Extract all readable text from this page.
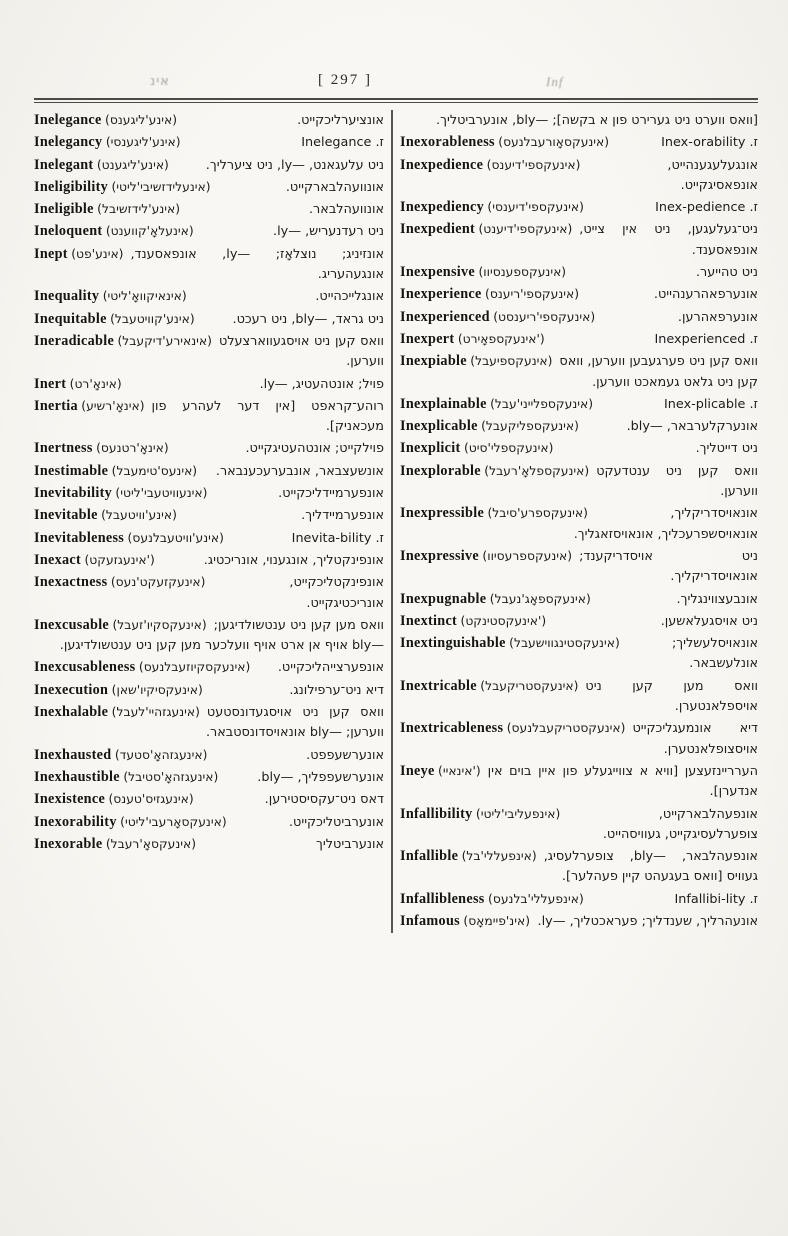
אינ	[ 297 ]	Inf
Inelegance (אינע'ליגענס)	אונציערליכקייט.
Inelegancy (אינע'ליגענסי)	ז. Inelegance
Inelegant (אינע'ליגענט)	ניט עלעגאנט, —ly, ניט ציערליך.
Ineligibility (אינעלידזשיבי'ליטי)	אונוועהלבארקייט.
Ineligible (אינע'לידזשיבל)	אונוועהלבאר.
Ineloquent (אינעלאָ'קווענט)	ניט רעדנעריש, —ly.
Inept (אינע'פט) אונזיניג; נוצלאָז; —ly, אונפאסענד, אונגעהעריג.
Inequality (אינאיקוואָ'ליטי)	אונגלייכהייט.
Inequitable (אינע'קוויטעבל)	ניט גראד, —bly, ניט רעכט.
Ineradicable (אינאירע'דיקעבל) וואס קען ניט אויסגעווארצעלט ווערען.
Inert (אינאָ'רט)	פויל; אונטהעטיג, —ly.
Inertia (אינאָ'רשיע) רוהע־קראפט [אין דער לעהרע פון מעכאניק].
Inertness (אינאָ'רטנעס)	פוילקייט; אונטהעטיגקייט.
Inestimable (אינעס'טימעבל) אונשעצבאר, אונבערעכענבאר.
Inevitability (אינעוויטעבי'ליטי)	אונפערמיידליכקייט.
Inevitable (אינע'וויטעבל)	אונפערמיידליך.
Inevitableness (אינע'וויטעבלנעס)	ז. Inevita-bility
Inexact (אינעגזעקט')	אונפינקטליך, אונגענוי, אונריכטיג.
Inexactness (אינעקזעקט'נעס)	אונפינקטליכקייט, אונריכטיגקייט.
Inexcusable (אינעקסקיו'זעבל) וואס מען קען ניט ענטשולדיגען; —bly אויף אן ארט אויף וועלכער מען קען ניט ענטשולדיגען.
Inexcusableness (אינעקסקיוזעבלנעס) אונפערצייהליכקייט.
Inexecution (אינעקסיקיו'שאן)	דיא ניט־ערפילונג.
Inexhalable (אינעגזהיי'לעבל) וואס קען ניט אויסגעדונסטעט ווערען; —bly אונאויסדונסטבאר.
Inexhausted (אינעגזהאָ'סטעד)	אונערשעפפט.
Inexhaustible (אינעגזהאָ'סטיבל)	אונערשעפפליך, —bly.
Inexistence (אינעגזיס'טענס)	דאס ניט־עקסיסטירען.
Inexorability (אינעקסאָרעבי'ליטי)	אונערביטליכקייט.
Inexorable (אינעקסאָ'רעבל)	אונערביטליך
[וואס ווערט ניט גערירט פון א בקשה]; —bly, אונערביטליך.
Inexorableness (אינעקסאָורעבלנעס)	ז. Inex-orability
Inexpedience (אינעקספי'דיענס)	אונגעלעגענהייט, אונפאסיגקייט.
Inexpediency (אינעקספי'דיענסי)	ז. Inex-pedience
Inexpedient (אינעקספי'דיענט) ניט־געלעגען, ניט אין צייט, אונפאסענד.
Inexpensive (אינעקספענסיוו)	ניט טהייער.
Inexperience (אינעקספי'ריענס)	אונערפאהרענהייט.
Inexperienced (אינעקספי'ריענסט)	אונערפאהרען.
Inexpert (אינעקספאָירט')	ז. Inexperienced
Inexpiable (אינעקספיעבל) וואס קען ניט פערגעבען ווערען, וואס קען ניט גלאט געמאכט ווערען.
Inexplainable (אינעקספלייני'עבל)	ז. Inex-plicable
Inexplicable (אינעקספליקעבל)	אונערקלערבאר, —bly.
Inexplicit (אינעקספלי'סיט)	ניט דייטליך.
Inexplorable (אינעקספלאָ'רעבל) וואס קען ניט ענטדעקט ווערען.
Inexpressible (אינעקספרע'סיבל)	אונאויסדריקליך, אונאויסשפרעכליך, אונאויסזאגליך.
Inexpressive (אינעקספרעסיוו) ניט אויסדריקענד; אונאויסדריקליך.
Inexpugnable (אינעקספאָג'נעבל)	אונבעצווינגליך.
Inextinct (אינעקסטינקט')	ניט אויסגעלאשען.
Inextinguishable (אינעקסטינגווישעבל)	אונאויסלעשליך; אונלעשבאר.
Inextricable (אינעקסטריקעבל) וואס מען קען ניט אויספלאנטערן.
Inextricableness (אינעקסטריקעבלנעס) דיא אונמעגליכקייט אויסצופלאנטערן.
Ineye (אינאיי') הערריינזעצען [וויא א צווייגעלע פון איין בוים אין אנדערן].
Infallibility (אינפעליבי'ליטי)	אונפעהלבארקייט, צופערלעסיגקייט, געוויסהייט.
Infallible (אינפעללי'בל) אונפעהלבאר, —bly, צופערלעסיג, געוויס [וואס בעגעהט קיין פעהלער].
Infallibleness (אינפעללי'בלנעס)	ז. Infallibi-lity
Infamous (אינ'פיימאָס) אונעהרליך, שענדליך; פעראכטליך, —ly.
